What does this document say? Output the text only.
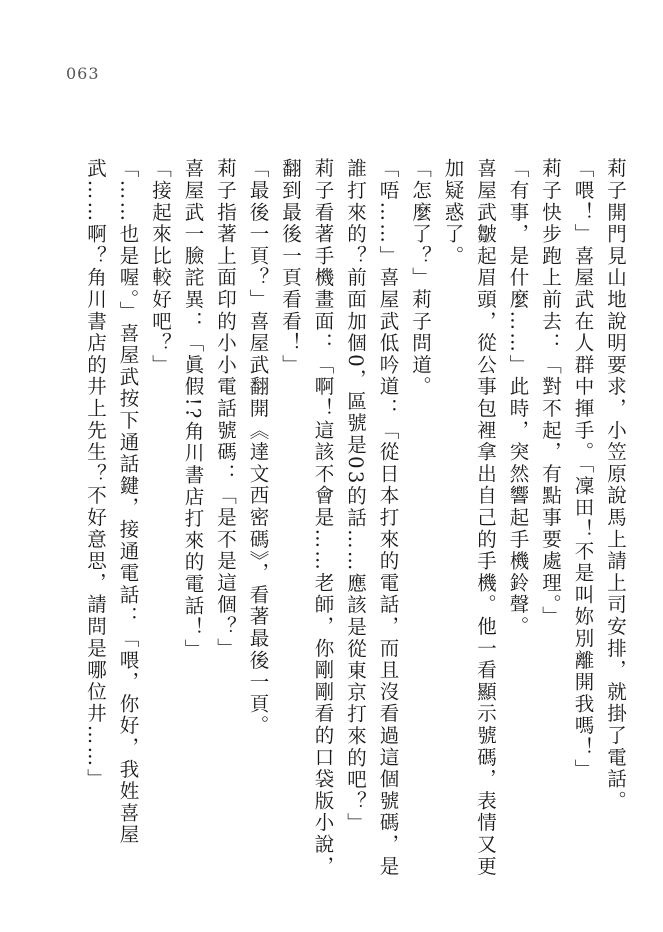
063

莉子開門見山地說明要求，小笠原說馬上請上司安排，就掛了電話。

「喂！」喜屋武在人群中揮手。「凜田！不是叫妳別離開我嗎！」

莉子快步跑上前去：「對不起，有點事要處理。」

「有事，是什麼……」此時，突然響起手機鈴聲。

喜屋武皺起眉頭，從公事包裡拿出自己的手機。他一看顯示號碼，表情又更加疑惑了。

「怎麼了？」莉子問道。

「唔……」喜屋武低吟道：「從日本打來的電話，而且沒看過這個號碼，是誰打來的？前面加個0，區號是03的話……應該是從東京打來的吧？」

莉子看著手機畫面：「啊！這該不會是……老師，你剛剛看的口袋版小說，翻到最後一頁看看！」

「最後一頁？」喜屋武翻開《達文西密碼》，看著最後一頁。

莉子指著上面印的小小電話號碼：「是不是這個？」

喜屋武一臉詫異：「眞假!?角川書店打來的電話！」

「接起來比較好吧？」

「……也是喔。」喜屋武按下通話鍵，接通電話：「喂，你好，我姓喜屋武……啊？角川書店的井上先生？不好意思，請問是哪位井……」
